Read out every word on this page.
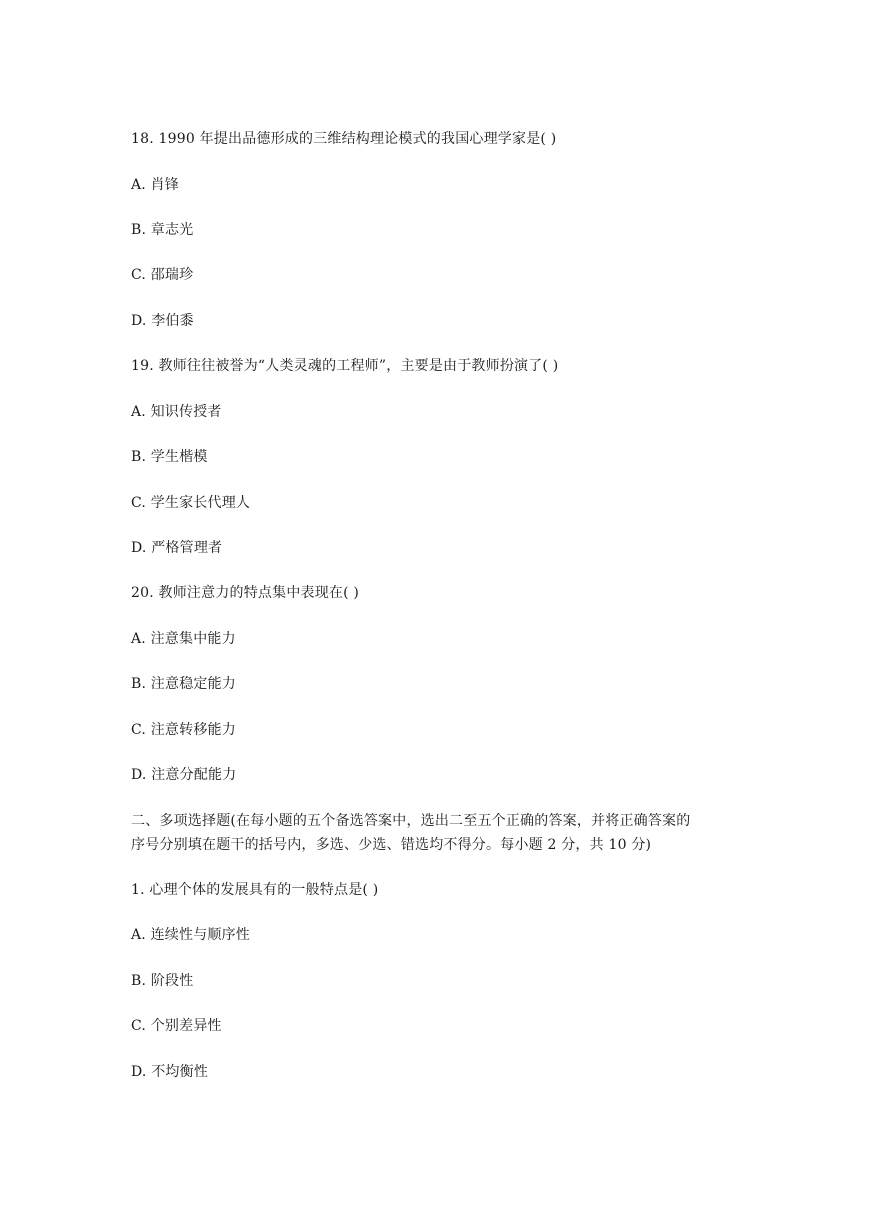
18. 1990 年提出品德形成的三维结构理论模式的我国心理学家是( )
A. 肖锋
B. 章志光
C. 邵瑞珍
D. 李伯黍
19. 教师往往被誉为“人类灵魂的工程师”，主要是由于教师扮演了( )
A. 知识传授者
B. 学生楷模
C. 学生家长代理人
D. 严格管理者
20. 教师注意力的特点集中表现在( )
A. 注意集中能力
B. 注意稳定能力
C. 注意转移能力
D. 注意分配能力
二、多项选择题(在每小题的五个备选答案中，选出二至五个正确的答案，并将正确答案的
序号分别填在题干的括号内，多选、少选、错选均不得分。每小题 2 分，共 10 分)
1. 心理个体的发展具有的一般特点是( )
A. 连续性与顺序性
B. 阶段性
C. 个别差异性
D. 不均衡性
